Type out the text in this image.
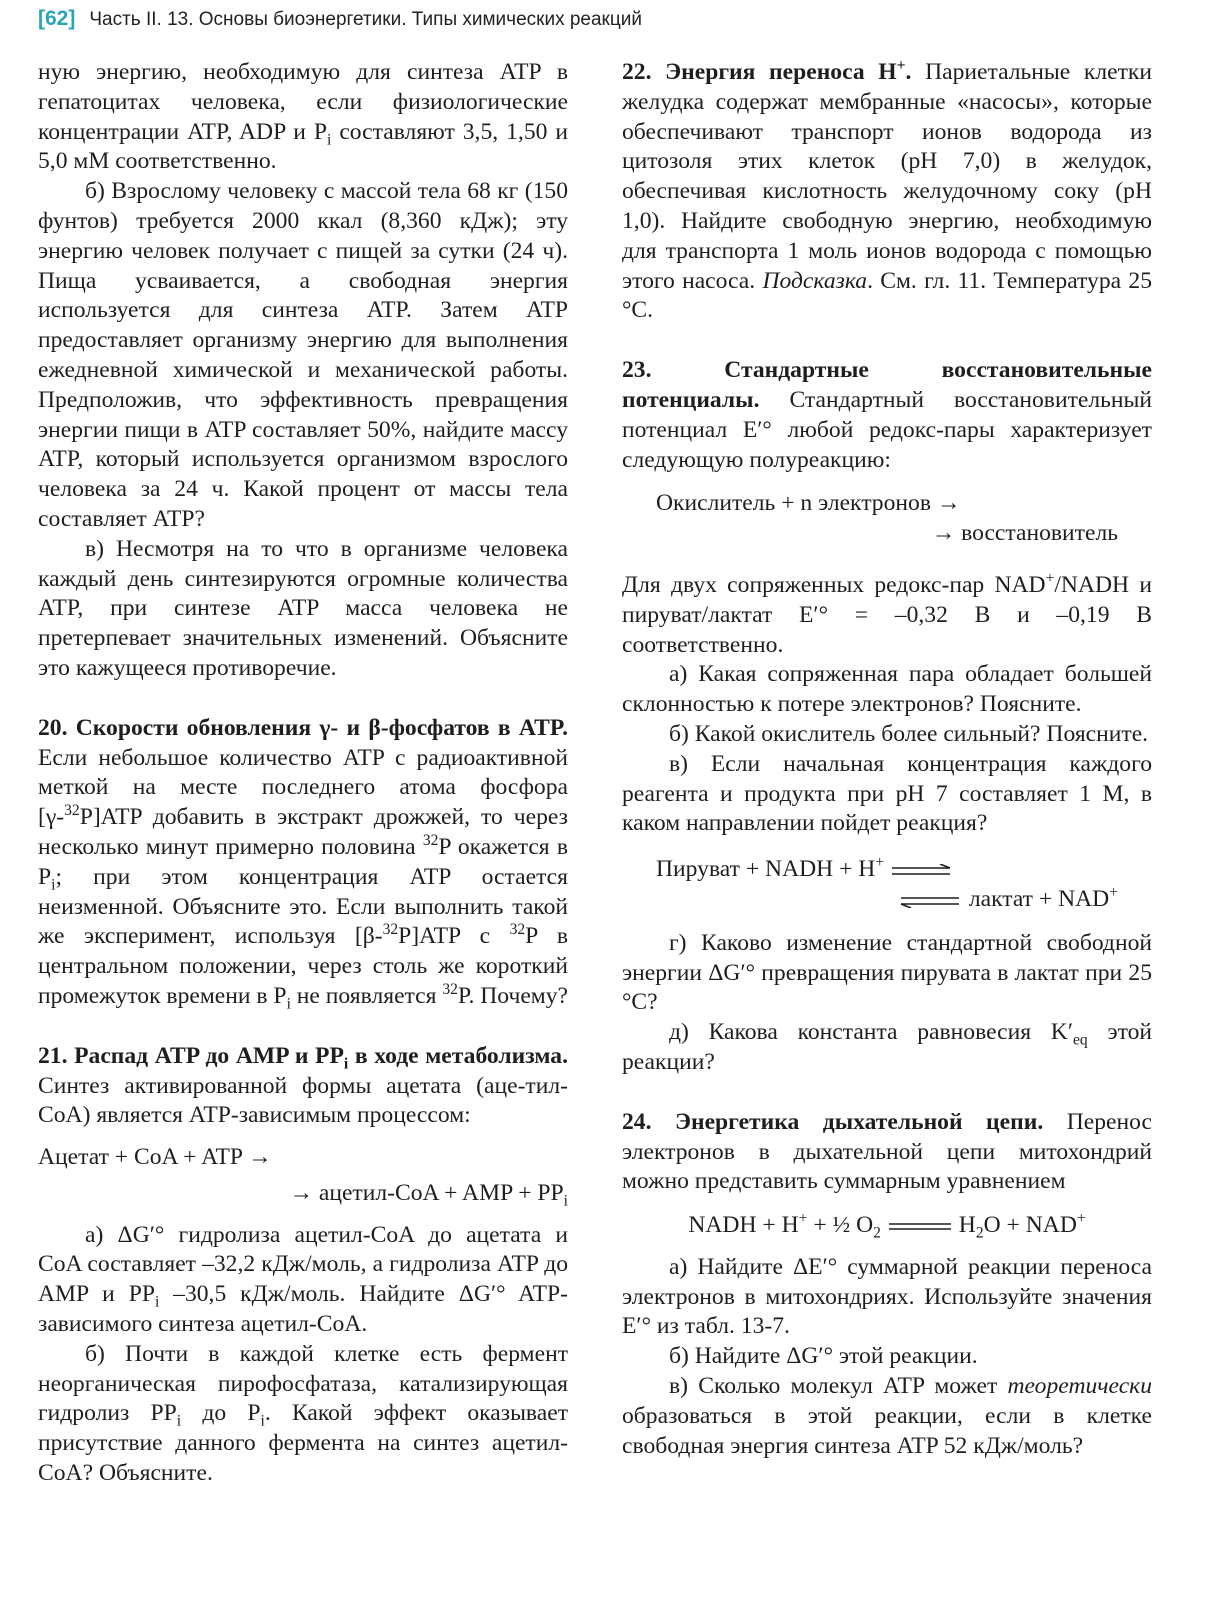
[62] Часть II. 13. Основы биоэнергетики. Типы химических реакций

ную энергию, необходимую для синтеза ATP в гепатоцитах человека, если физиологические концентрации ATP, ADP и $P_i$ составляют 3,5, 1,50 и 5,0 мМ соответственно.

б) Взрослому человеку с массой тела 68 кг (150 фунтов) требуется 2000 ккал (8,360 кДж); эту энергию человек получает с пищей за сутки (24 ч). Пища усваивается, а свободная энергия используется для синтеза ATP. Затем ATP предоставляет организму энергию для выполнения ежедневной химической и механической работы. Предположив, что эффективность превращения энергии пищи в ATP составляет 50%, найдите массу ATP, который используется организмом взрослого человека за 24 ч. Какой процент от массы тела составляет ATP?

в) Несмотря на то что в организме человека каждый день синтезируются огромные количества ATP, при синтезе ATP масса человека не претерпевает значительных изменений. Объясните это кажущееся противоречие.

20. Скорости обновления γ- и β-фосфатов в ATP. Если небольшое количество ATP с радиоактивной меткой на месте последнего атома фосфора [γ-$^{32}$P]ATP добавить в экстракт дрожжей, то через несколько минут примерно половина $^{32}$P окажется в $P_i$; при этом концентрация ATP остается неизменной. Объясните это. Если выполнить такой же эксперимент, используя [β-$^{32}$P]ATP с $^{32}$P в центральном положении, через столь же короткий промежуток времени в $P_i$ не появляется $^{32}$P. Почему?

21. Распад ATP до AMP и $PP_i$ в ходе метаболизма. Синтез активированной формы ацетата (аце-тил-CoA) является ATP-зависимым процессом:

Ацетат + CoA + ATP →
→ ацетил-CoA + AMP + $PP_i$

а) ΔG′° гидролиза ацетил-CoA до ацетата и CoA составляет –32,2 кДж/моль, а гидролиза ATP до AMP и $PP_i$ –30,5 кДж/моль. Найдите ΔG′° ATP-зависимого синтеза ацетил-CoA.

б) Почти в каждой клетке есть фермент неорганическая пирофосфатаза, катализирующая гидролиз $PP_i$ до $P_i$. Какой эффект оказывает присутствие данного фермента на синтез ацетил-CoA? Объясните.

22. Энергия переноса H+. Париетальные клетки желудка содержат мембранные «насосы», которые обеспечивают транспорт ионов водорода из цитозоля этих клеток (pH 7,0) в желудок, обеспечивая кислотность желудочному соку (pH 1,0). Найдите свободную энергию, необходимую для транспорта 1 моль ионов водорода с помощью этого насоса. Подсказка. См. гл. 11. Температура 25 °C.

23. Стандартные восстановительные потенциалы. Стандартный восстановительный потенциал E′° любой редокс-пары характеризует следующую полуреакцию:

Окислитель + n электронов →
→ восстановитель

Для двух сопряженных редокс-пар NAD+/NADH и пируват/лактат E′° = –0,32 В и –0,19 В соответственно.

а) Какая сопряженная пара обладает большей склонностью к потере электронов? Поясните.

б) Какой окислитель более сильный? Поясните.

в) Если начальная концентрация каждого реагента и продукта при pH 7 составляет 1 М, в каком направлении пойдет реакция?

Пируват + NADH + H+
лактат + NAD+

г) Каково изменение стандартной свободной энергии ΔG′° превращения пирувата в лактат при 25 °C?

д) Какова константа равновесия $K'_{eq}$ этой реакции?

24. Энергетика дыхательной цепи. Перенос электронов в дыхательной цепи митохондрий можно представить суммарным уравнением

NADH + H+ + ½ $O_2$	$H_2O + NAD^+$

а) Найдите ΔE′° суммарной реакции переноса электронов в митохондриях. Используйте значения E′° из табл. 13-7.

б) Найдите ΔG′° этой реакции.

в) Сколько молекул ATP может теоретически образоваться в этой реакции, если в клетке свободная энергия синтеза ATP 52 кДж/моль?
